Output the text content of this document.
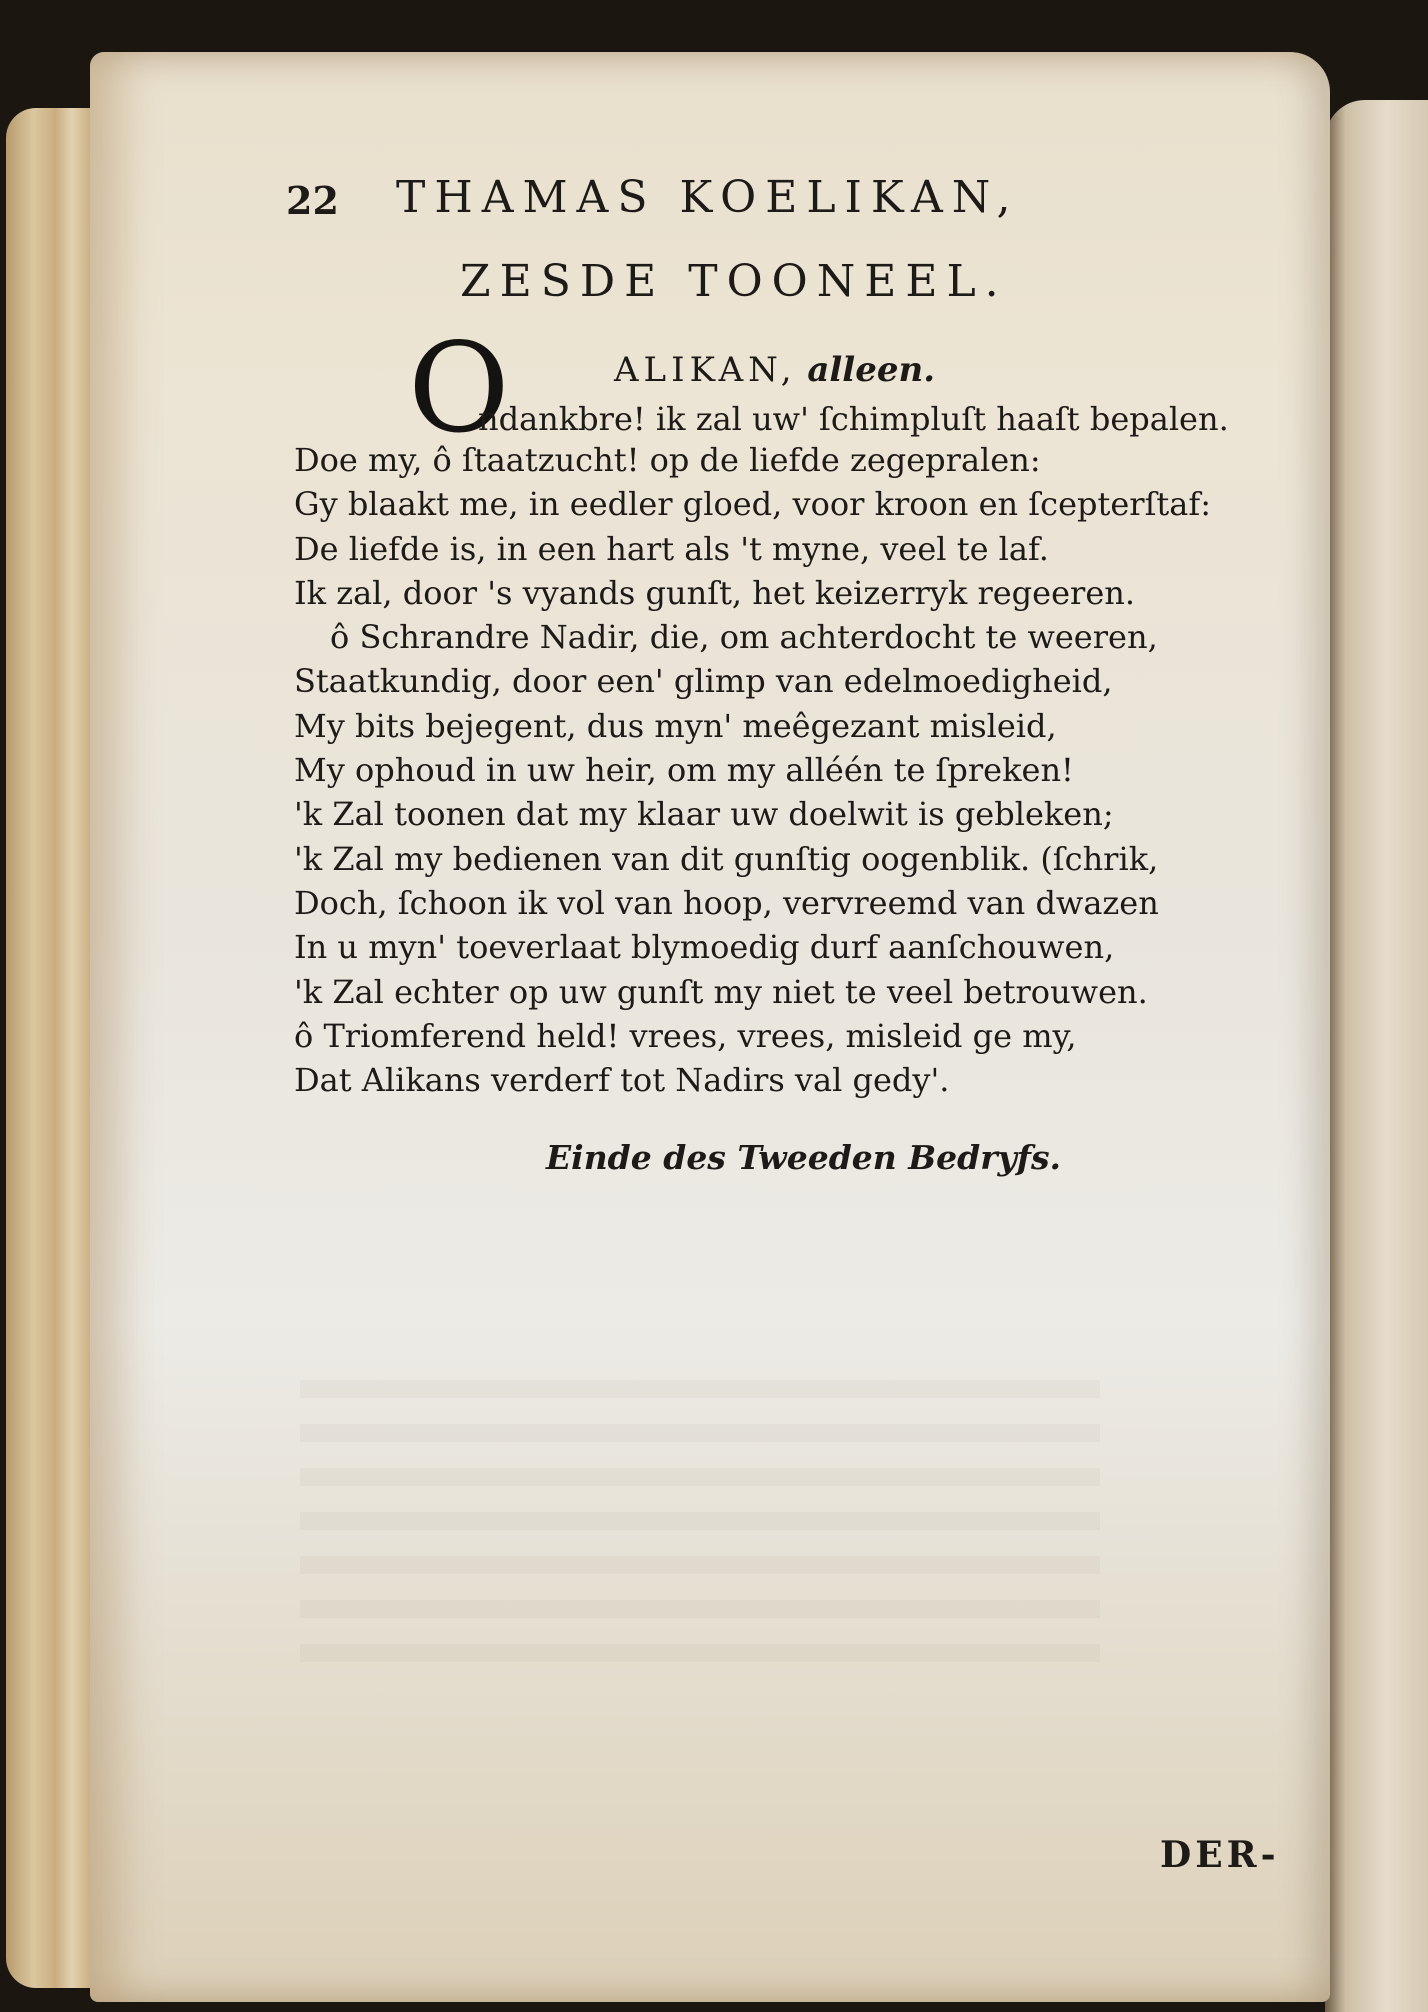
22 THAMAS KOELIKAN,
ZESDE TOONEEL.
ALIKAN, alleen.
O
ndankbre! ik zal uw' ſchimpluſt haaſt bepalen.
Doe my, ô ſtaatzucht! op de liefde zegepralen:
Gy blaakt me, in eedler gloed, voor kroon en ſcepterſtaf:
De liefde is, in een hart als 't myne, veel te laf.
Ik zal, door 's vyands gunſt, het keizerryk regeeren.
ô Schrandre Nadir, die, om achterdocht te weeren,
Staatkundig, door een' glimp van edelmoedigheid,
My bits bejegent, dus myn' meêgezant misleid,
My ophoud in uw heir, om my alléén te ſpreken!
'k Zal toonen dat my klaar uw doelwit is gebleken;
'k Zal my bedienen van dit gunſtig oogenblik. (ſchrik,
Doch, ſchoon ik vol van hoop, vervreemd van dwazen
In u myn' toeverlaat blymoedig durf aanſchouwen,
'k Zal echter op uw gunſt my niet te veel betrouwen.
ô Triomferend held! vrees, vrees, misleid ge my,
Dat Alikans verderf tot Nadirs val gedy'.
Einde des Tweeden Bedryfs.
DER-
